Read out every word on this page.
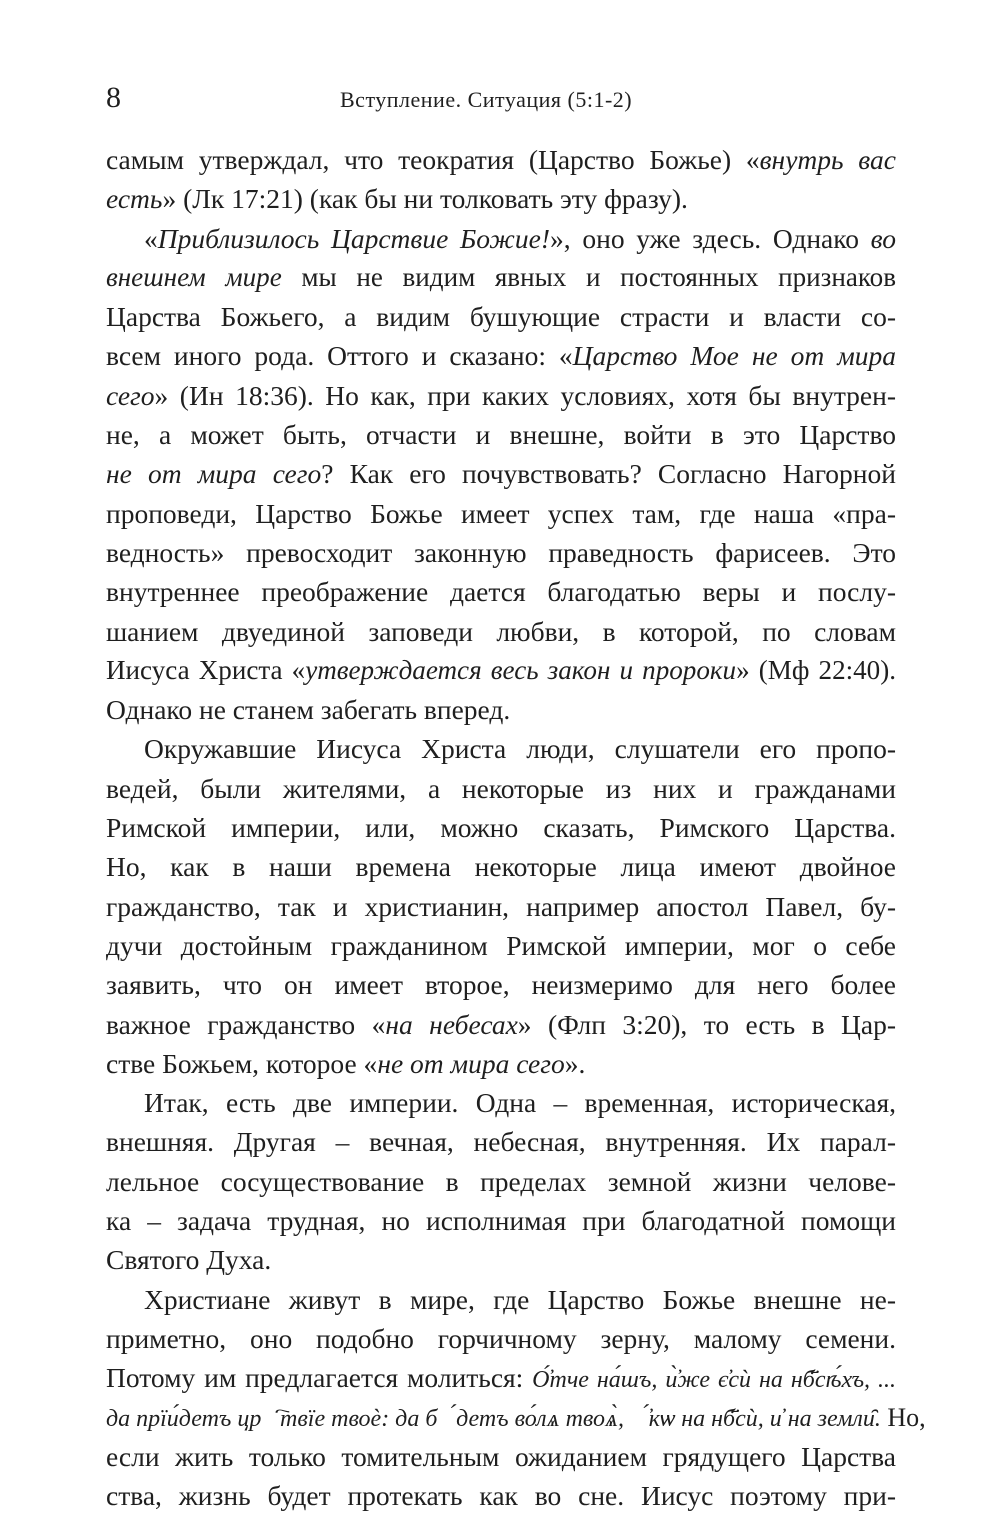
8	Вступление. Ситуация (5:1-2)
самым утверждал, что теократия (Царство Божье) «внутрь вас
есть» (Лк 17:21) (как бы ни толковать эту фразу).
«Приблизилось Царствие Божие!», оно уже здесь. Однако во
внешнем мире мы не видим явных и постоянных признаков
Царства Божьего, а видим бушующие страсти и власти со-
всем иного рода. Оттого и сказано: «Царство Мое не от мира
сего» (Ин 18:36). Но как, при каких условиях, хотя бы внутрен-
не, а может быть, отчасти и внешне, войти в это Царство
не от мира сего? Как его почувствовать? Согласно Нагорной
проповеди, Царство Божье имеет успех там, где наша «пра-
ведность» превосходит законную праведность фарисеев. Это
внутреннее преображение дается благодатью веры и послу-
шанием двуединой заповеди любви, в которой, по словам
Иисуса Христа «утверждается весь закон и пророки» (Мф 22:40).
Однако не станем забегать вперед.
Окружавшие Иисуса Христа люди, слушатели его пропо-
ведей, были жителями, а некоторые из них и гражданами
Римской империи, или, можно сказать, Римского Царства.
Но, как в наши времена некоторые лица имеют двойное
гражданство, так и христианин, например апостол Павел, бу-
дучи достойным гражданином Римской империи, мог о себе
заявить, что он имеет второе, неизмеримо для него более
важное гражданство «на небесах» (Флп 3:20), то есть в Цар-
стве Божьем, которое «не от мира сего».
Итак, есть две империи. Одна – временная, историческая,
внешняя. Другая – вечная, небесная, внутренняя. Их парал-
лельное сосуществование в пределах земной жизни челове-
ка – задача трудная, но исполнимая при благодатной помощи
Святого Духа.
Христиане живут в мире, где Царство Божье внешне не-
приметно, оно подобно горчичному зерну, малому семени.
Потому им предлагается молиться: О҆́тче на́шъ, и҆̀же є҆сѝ на нб҃сѣ́хъ, ...
да прїи́детъ црⷭ҇твїе твоѐ: да бꙋ́детъ во́лѧ твоѧ̀, ꙗ҆́кѡ на нб҃сѝ, и҆ на земли̑. Но,
если жить только томительным ожиданием грядущего Царства
ства, жизнь будет протекать как во сне. Иисус поэтому при-
